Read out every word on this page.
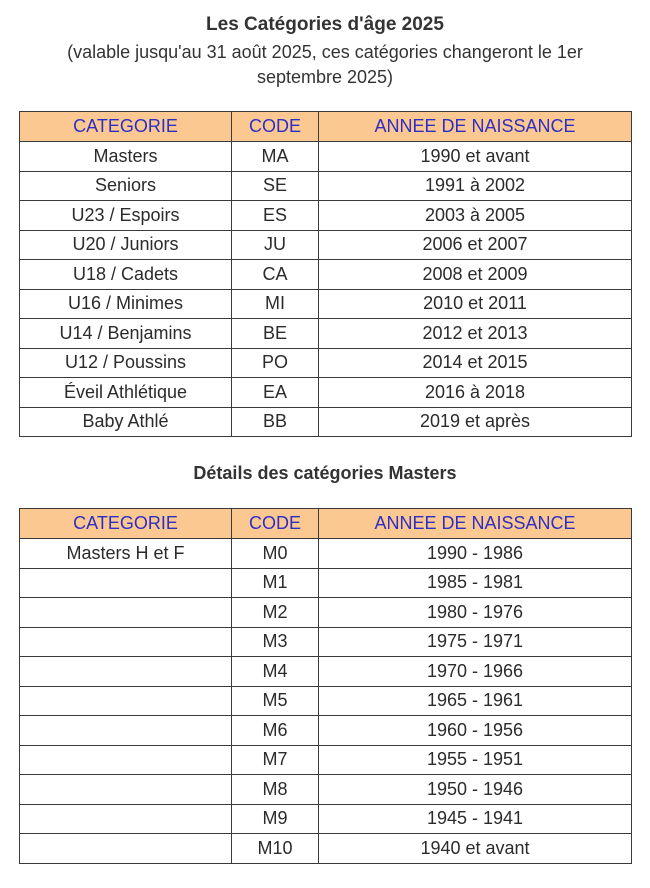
Les Catégories d'âge 2025
(valable jusqu'au 31 août 2025, ces catégories changeront le 1er
septembre 2025)
CATEGORIE	CODE	ANNEE DE NAISSANCE
Masters	MA	1990 et avant
Seniors	SE	1991 à 2002
U23 / Espoirs	ES	2003 à 2005
U20 / Juniors	JU	2006 et 2007
U18 / Cadets	CA	2008 et 2009
U16 / Minimes	MI	2010 et 2011
U14 / Benjamins	BE	2012 et 2013
U12 / Poussins	PO	2014 et 2015
Éveil Athlétique	EA	2016 à 2018
Baby Athlé	BB	2019 et après
Détails des catégories Masters
CATEGORIE	CODE	ANNEE DE NAISSANCE
Masters H et F	M0	1990 - 1986
	M1	1985 - 1981
	M2	1980 - 1976
	M3	1975 - 1971
	M4	1970 - 1966
	M5	1965 - 1961
	M6	1960 - 1956
	M7	1955 - 1951
	M8	1950 - 1946
	M9	1945 - 1941
	M10	1940 et avant
